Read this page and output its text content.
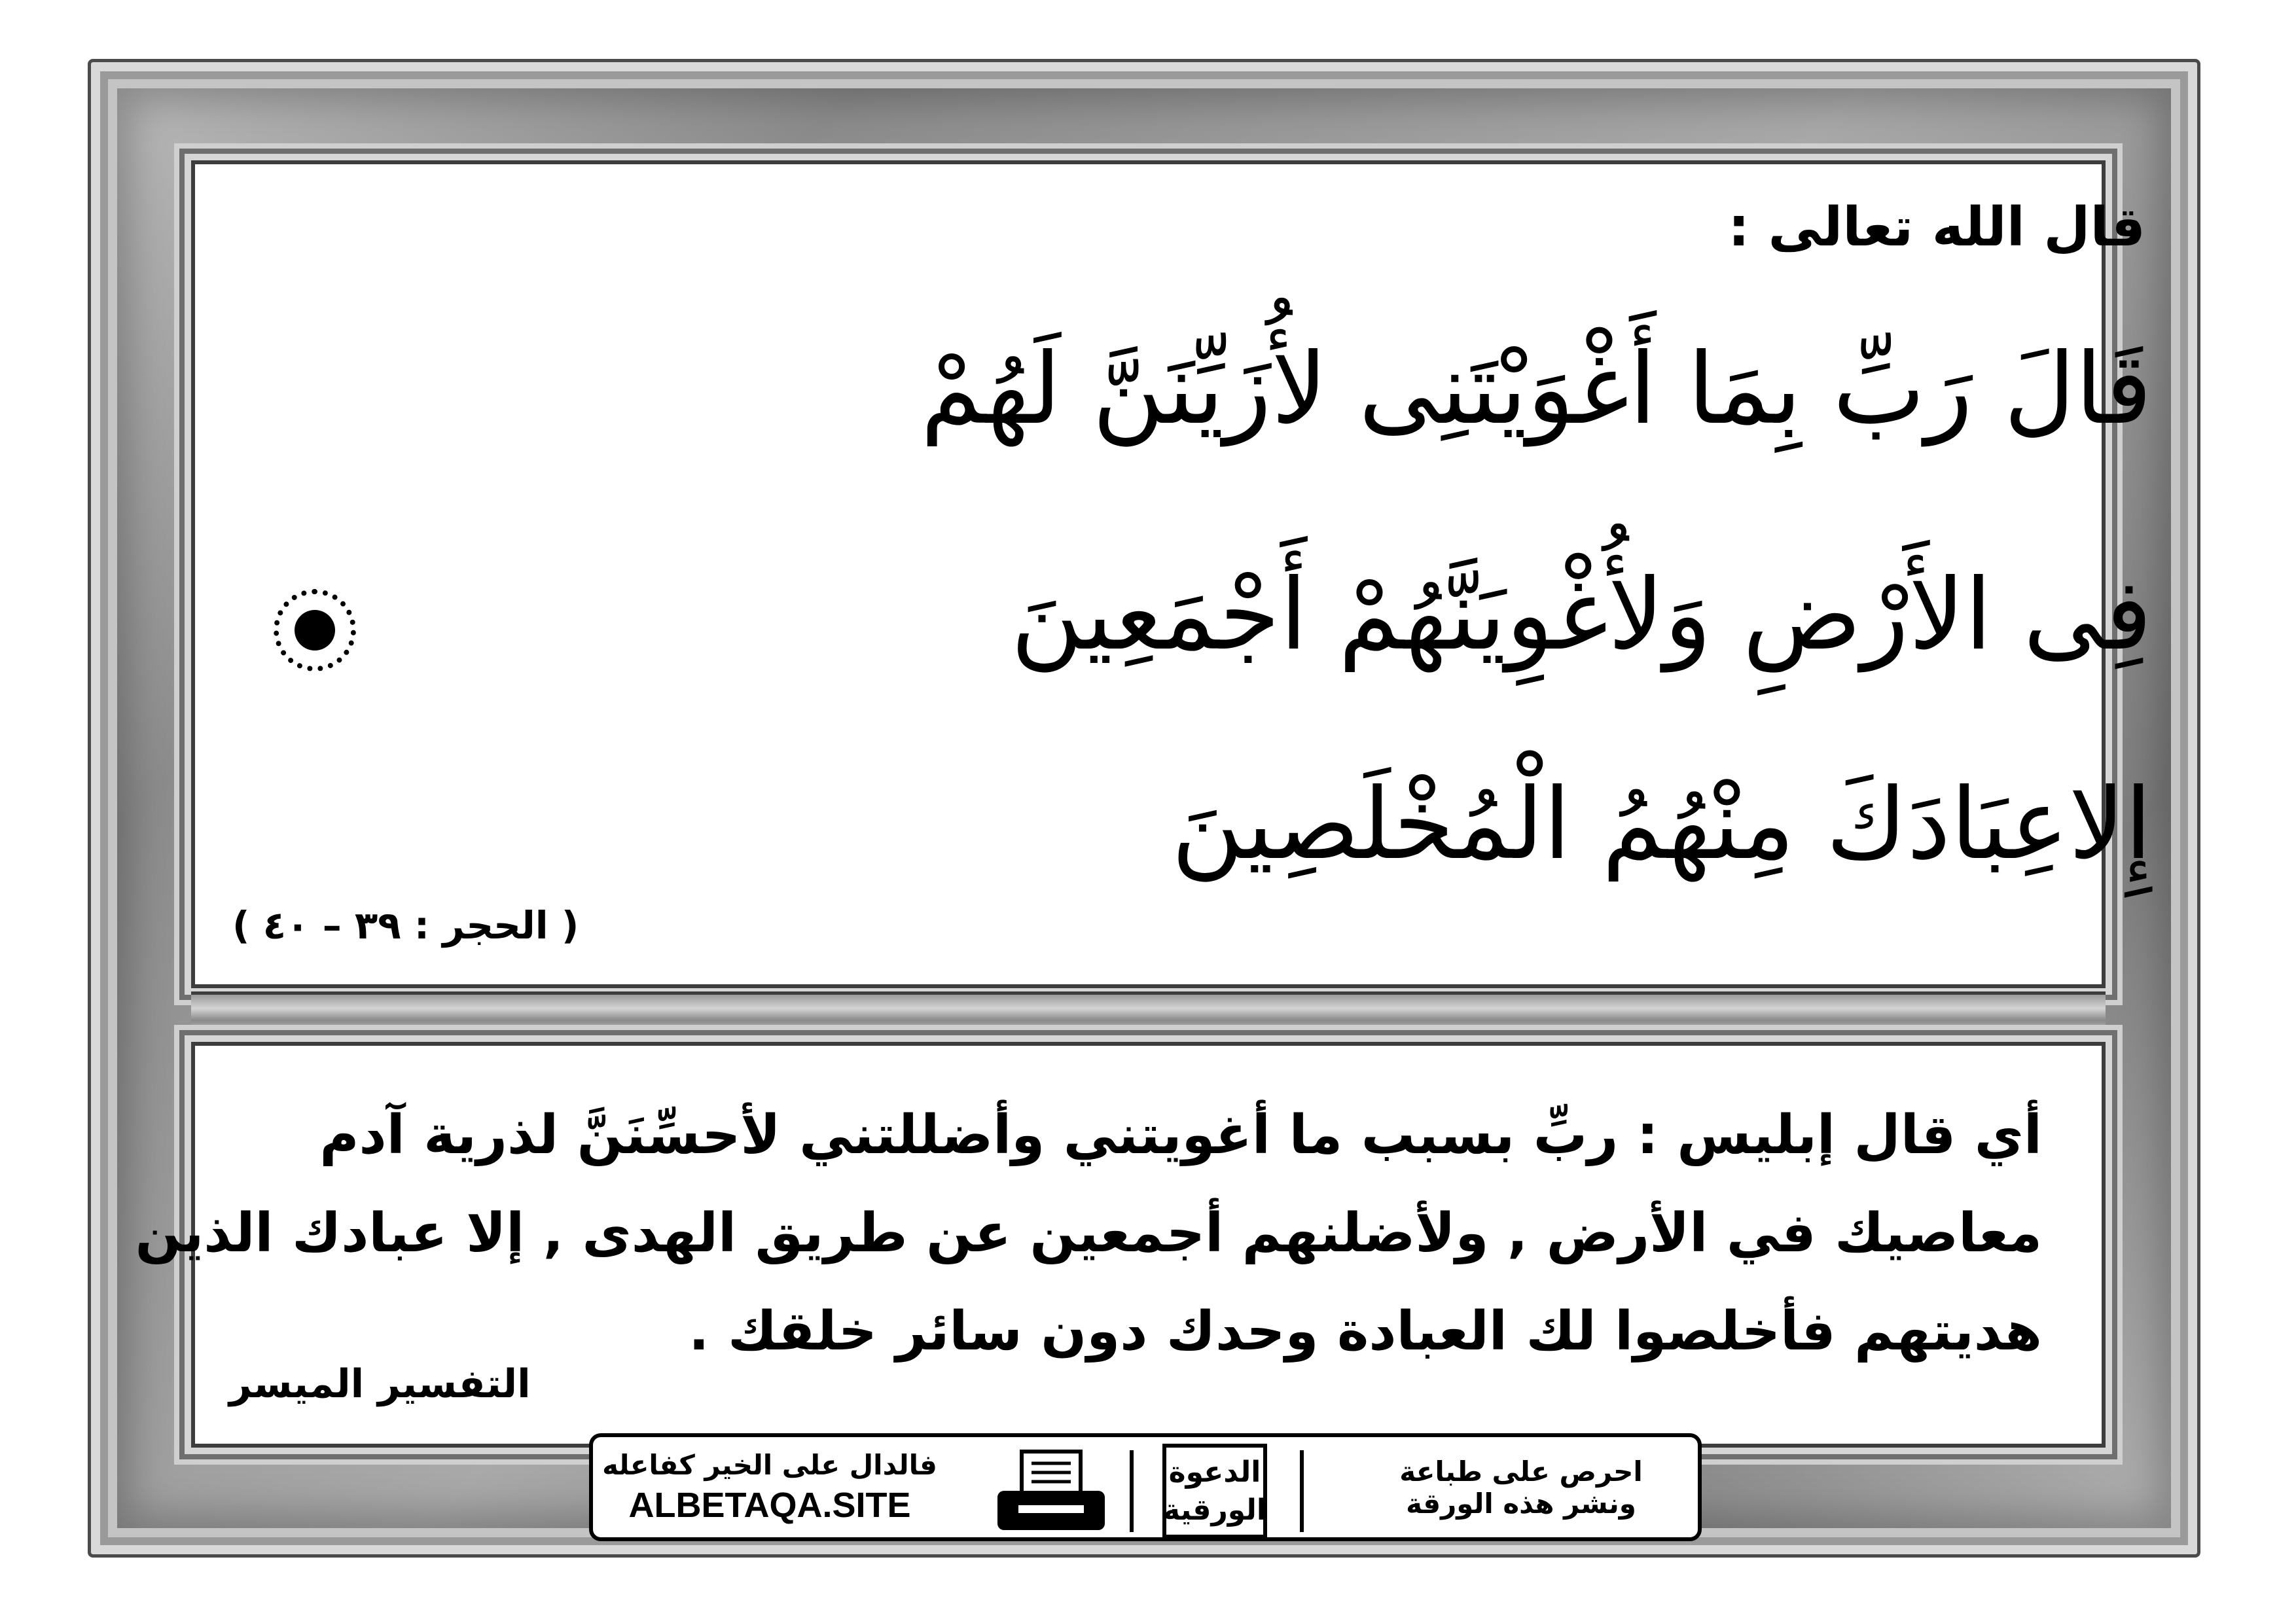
قال الله تعالى :
قَالَ رَبِّ بِمَا أَغْوَيْتَنِى لأُزَيِّنَنَّ لَهُمْ
فِى الأَرْضِ وَلأُغْوِيَنَّهُمْ أَجْمَعِينَ
إِلاعِبَادَكَ مِنْهُمُ الْمُخْلَصِينَ
( الحجر : ٣٩ – ٤٠ )
أي قال إبليس : ربِّ بسبب ما أغويتني وأضللتني لأحسِّنَنَّ لذرية آدم
معاصيك في الأرض , ولأضلنهم أجمعين عن طريق الهدى , إلا عبادك الذين
هديتهم فأخلصوا لك العبادة وحدك دون سائر خلقك .
التفسير الميسر
فالدال على الخير كفاعله
ALBETAQA.SITE
الدعوة
الورقية
احرص على طباعة
ونشر هذه الورقة
